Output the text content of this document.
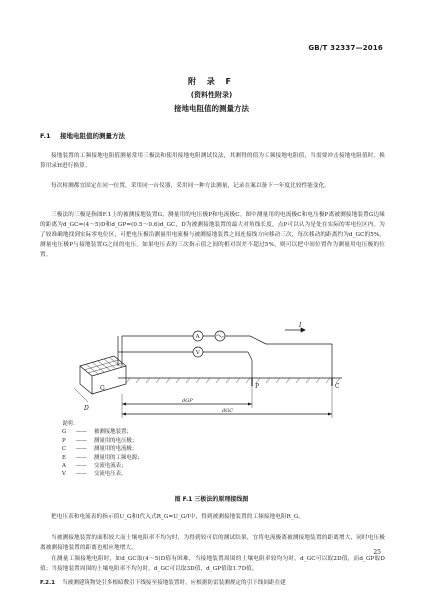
GB/T 32337—2016
附 录 F
(资料性附录)
接地电阻值的测量方法
F.1 接地电阻值的测量方法
接地装置的工频接地电阻值测量常用三极法和使用接地电阻测试仪法，其测得的值为工频接地电阻值，当需要冲击接地电阻值时，换算用录H进行换算。
每次检测都宜固定在同一位置，采用同一台仪器，采用同一种方法测量，记录在案以备下一年度比较性能变化。
三极法的三极是指图F.1上的被测接地装置G，测量用的电压极P和电流极C。图中测量用的电流极C和电压极P离被测接地装置G边缘的距离为d_GC=(4～5)D和d_GP=(0.5～0.6)d_GC，D为被测接地装置的最大对角线长度，点P可以认为是处在实际的零电位区内。为了较准确地找到实际零电位区，可把电压极沿测量用电流极与被测接地装置之间连接线方向移动三次，每次移动的距离约为d_GC的5%，测量电压极P与接地装置G之间的电压。如果电压表的三次指示值之间的相对误差不超过5%，则可以把中间位置作为测量用电压极的位置。
A
V
I
D
G	P	C
dGP
dGC
说明：
G —— 被测接地装置；
P —— 测量用的电压极；
C —— 测量用的电流极；
E —— 测量用的工频电源；
A —— 交流电流表；
V —— 交流电压表。
图 F.1 三极法的原理接线图
把电压表和电流表的指示值U_G和I代入式R_G=U_G/I中，得到被测接地装置的工频接地电阻R_G。
当被测接地装置的面积较大而土壤电阻率不均匀时，为得到较可信的测试结果，宜将电流极离被测接地装置的距离增大，同时电压极离被测接地装置的距离也相应地增大。
25
F.2.1 当被测建筑物处引多根暗敷引下线接至接地装置时，应根据防雷装测规定的引下线间距在建
在测量工频接地电阻时，如d_GC取(4～5)D值有困难，当接地装置周围的土壤电阻率较均匀时，d_GC可以取2D值，而d_GP取D值；当接地装置周围的土壤电阻率不均匀时，d_GC可以取3D值，d_GP值取1.7D值。
